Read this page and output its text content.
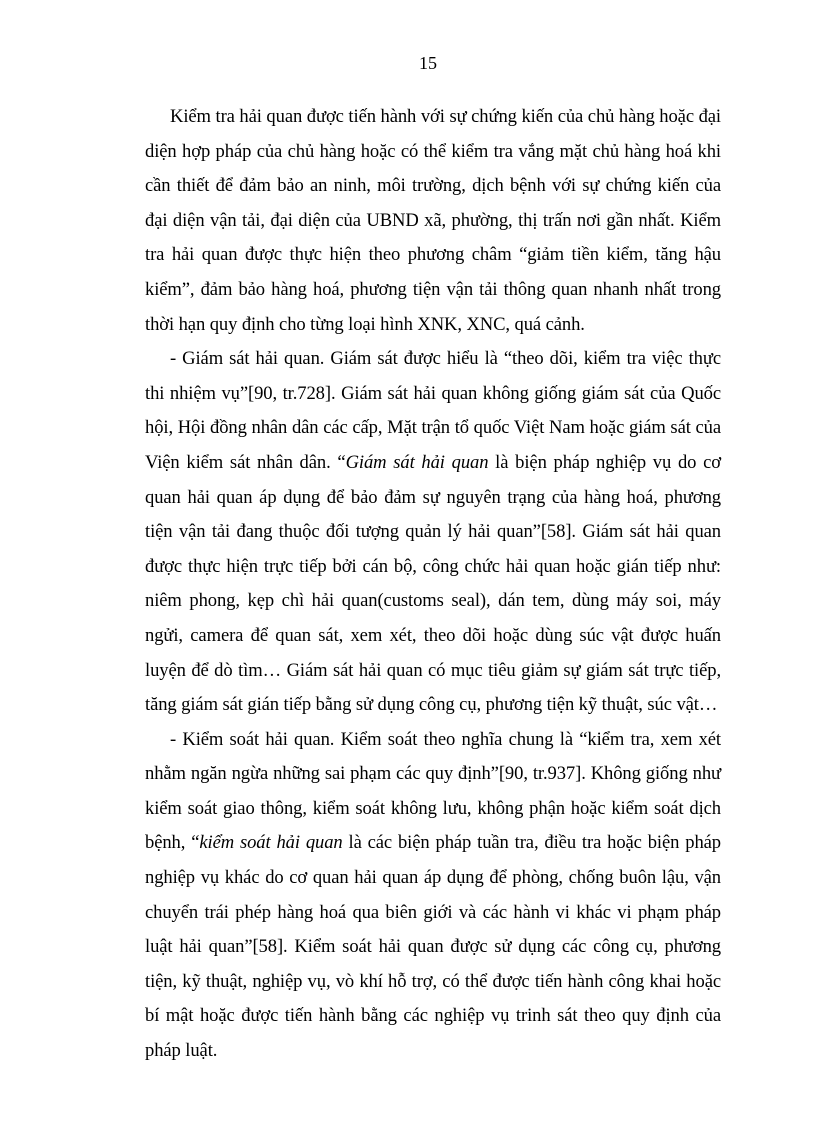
15

Kiểm tra hải quan được tiến hành với sự chứng kiến của chủ hàng hoặc đại diện hợp pháp của chủ hàng hoặc có thể kiểm tra vắng mặt chủ hàng hoá khi cần thiết để đảm bảo an ninh, môi trường, dịch bệnh với sự chứng kiến của đại diện vận tải, đại diện của UBND xã, phường, thị trấn nơi gần nhất. Kiểm tra hải quan được thực hiện theo phương châm “giảm tiền kiểm, tăng hậu kiểm”, đảm bảo hàng hoá, phương tiện vận tải thông quan nhanh nhất trong thời hạn quy định cho từng loại hình XNK, XNC, quá cảnh.

- Giám sát hải quan. Giám sát được hiểu là “theo dõi, kiểm tra việc thực thi nhiệm vụ”[90, tr.728]. Giám sát hải quan không giống giám sát của Quốc hội, Hội đồng nhân dân các cấp, Mặt trận tổ quốc Việt Nam hoặc giám sát của Viện kiểm sát nhân dân. “Giám sát hải quan là biện pháp nghiệp vụ do cơ quan hải quan áp dụng để bảo đảm sự nguyên trạng của hàng hoá, phương tiện vận tải đang thuộc đối tượng quản lý hải quan”[58]. Giám sát hải quan được thực hiện trực tiếp bởi cán bộ, công chức hải quan hoặc gián tiếp như: niêm phong, kẹp chì hải quan(customs seal), dán tem, dùng máy soi, máy ngửi, camera để quan sát, xem xét, theo dõi hoặc dùng súc vật được huấn luyện để dò tìm… Giám sát hải quan có mục tiêu giảm sự giám sát trực tiếp, tăng giám sát gián tiếp bằng sử dụng công cụ, phương tiện kỹ thuật, súc vật…

- Kiểm soát hải quan. Kiểm soát theo nghĩa chung là “kiểm tra, xem xét nhằm ngăn ngừa những sai phạm các quy định”[90, tr.937]. Không giống như kiểm soát giao thông, kiểm soát không lưu, không phận hoặc kiểm soát dịch bệnh, “kiểm soát hải quan là các biện pháp tuần tra, điều tra hoặc biện pháp nghiệp vụ khác do cơ quan hải quan áp dụng để phòng, chống buôn lậu, vận chuyển trái phép hàng hoá qua biên giới và các hành vi khác vi phạm pháp luật hải quan”[58]. Kiểm soát hải quan được sử dụng các công cụ, phương tiện, kỹ thuật, nghiệp vụ, vò khí hỗ trợ, có thể được tiến hành công khai hoặc bí mật hoặc được tiến hành bằng các nghiệp vụ trinh sát theo quy định của pháp luật.
